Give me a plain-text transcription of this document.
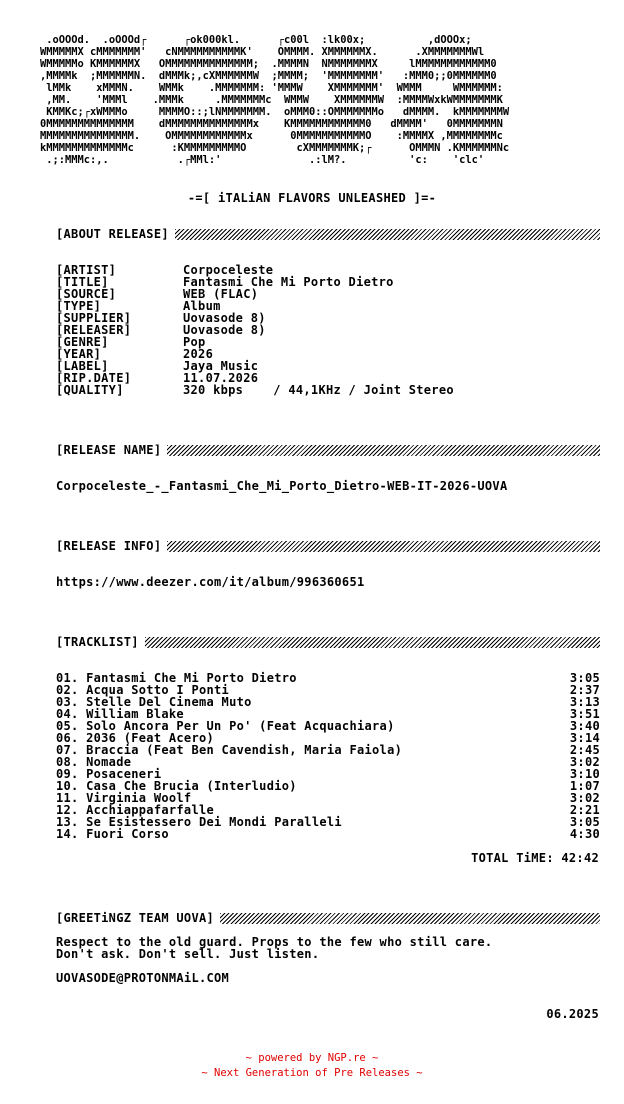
.oOOOd.  .oOOOd┌      ┌ok000kl.      ┌c00l  :lk00x;          ,dOOOx;
WMMMMMX cMMMMMMM'   cNMMMMMMMMMMK'    OMMMM. XMMMMMMX.      .XMMMMMMMWl
WMMMMMo KMMMMMMX   OMMMMMMMMMMMMMM;  .MMMMN  NMMMMMMMX     lMMMMMMMMMMMM0
,MMMMk  ;MMMMMMN.  dMMMk;,cXMMMMMMW  ;MMMM;  'MMMMMMMM'   :MMM0;;0MMMMMM0
lMMk    xMMMN.    WMMk    .MMMMMMM: 'MMMW    XMMMMMMM'  WMMM     WMMMMMM:
,MM.    'MMMl    .MMMk     .MMMMMMMc  WMMW    XMMMMMMW  :MMMMWxkWMMMMMMMK
KMMKc;┌xWMMMo     MMMMO::;lNMMMMMMM.  oMMM0::OMMMMMMMo   dMMMM.  kMMMMMMMW
0MMMMMMMMMMMMMM    dMMMMMMMMMMMMMMx    KMMMMMMMMMMMM0   dMMMM'   0MMMMMMMN
MMMMMMMMMMMMMMM.    OMMMMMMMMMMMMx      0MMMMMMMMMMMO    :MMMMX ,MMMMMMMMc
kMMMMMMMMMMMMMc      :KMMMMMMMMMO        cXMMMMMMMK;┌      OMMMN .KMMMMMMNc
.;:MMMc:,.           .┌MMl:'              .:lM?.          'c:    'clc'
-=[ iTALiAN FLAVORS UNLEASHED ]=-
[ABOUT RELEASE]
[ARTIST]	Corpoceleste
[TITLE]	Fantasmi Che Mi Porto Dietro
[SOURCE]	WEB (FLAC)
[TYPE]	Album
[SUPPLIER]	Uovasode 8)
[RELEASER]	Uovasode 8)
[GENRE]	Pop
[YEAR]	2026
[LABEL]	Jaya Music
[RIP.DATE]	11.07.2026
[QUALITY]	320 kbps    / 44,1KHz / Joint Stereo
[RELEASE NAME]
Corpoceleste_-_Fantasmi_Che_Mi_Porto_Dietro-WEB-IT-2026-UOVA
[RELEASE INFO]
https://www.deezer.com/it/album/996360651
[TRACKLIST]
01. Fantasmi Che Mi Porto Dietro	3:05
02. Acqua Sotto I Ponti	2:37
03. Stelle Del Cinema Muto	3:13
04. William Blake	3:51
05. Solo Ancora Per Un Po' (Feat Acquachiara)	3:40
06. 2036 (Feat Acero)	3:14
07. Braccia (Feat Ben Cavendish, Maria Faiola)	2:45
08. Nomade	3:02
09. Posaceneri	3:10
10. Casa Che Brucia (Interludio)	1:07
11. Virginia Woolf	3:02
12. Acchiappafarfalle	2:21
13. Se Esistessero Dei Mondi Paralleli	3:05
14. Fuori Corso	4:30
TOTAL TiME: 42:42
[GREETiNGZ TEAM UOVA]
Respect to the old guard. Props to the few who still care.
Don't ask. Don't sell. Just listen.
UOVASODE@PROTONMAiL.COM
06.2025
~ powered by NGP.re ~
~ Next Generation of Pre Releases ~
